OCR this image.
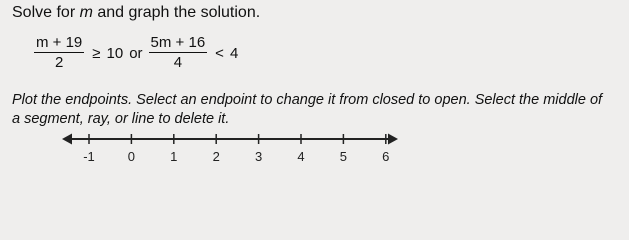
Solve for m and graph the solution.
$\frac{m + 19}{2} \ge 10$ or $\frac{5m + 16}{4} < 4$
Plot the endpoints. Select an endpoint to change it from closed to open. Select the middle of
a segment, ray, or line to delete it.
-1	0	1	2	3	4	5	6
